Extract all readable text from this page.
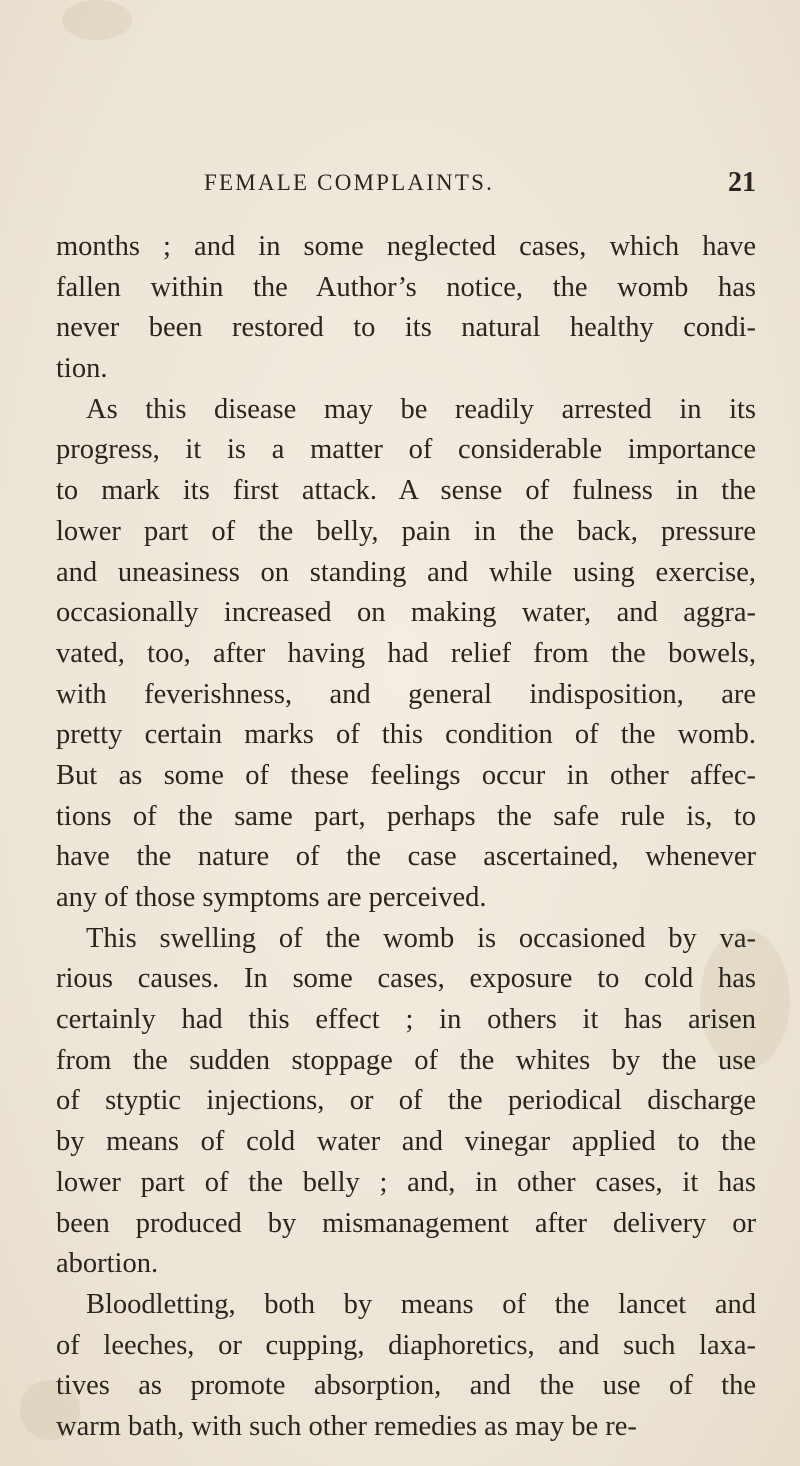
FEMALE COMPLAINTS.	21
months ; and in some neglected cases, which have
fallen within the Author’s notice, the womb has
never been restored to its natural healthy condi-
tion.
As this disease may be readily arrested in its
progress, it is a matter of considerable importance
to mark its first attack. A sense of fulness in the
lower part of the belly, pain in the back, pressure
and uneasiness on standing and while using exercise,
occasionally increased on making water, and aggra-
vated, too, after having had relief from the bowels,
with feverishness, and general indisposition, are
pretty certain marks of this condition of the womb.
But as some of these feelings occur in other affec-
tions of the same part, perhaps the safe rule is, to
have the nature of the case ascertained, whenever
any of those symptoms are perceived.
This swelling of the womb is occasioned by va-
rious causes. In some cases, exposure to cold has
certainly had this effect ; in others it has arisen
from the sudden stoppage of the whites by the use
of styptic injections, or of the periodical discharge
by means of cold water and vinegar applied to the
lower part of the belly ; and, in other cases, it has
been produced by mismanagement after delivery or
abortion.
Bloodletting, both by means of the lancet and
of leeches, or cupping, diaphoretics, and such laxa-
tives as promote absorption, and the use of the
warm bath, with such other remedies as may be re-
